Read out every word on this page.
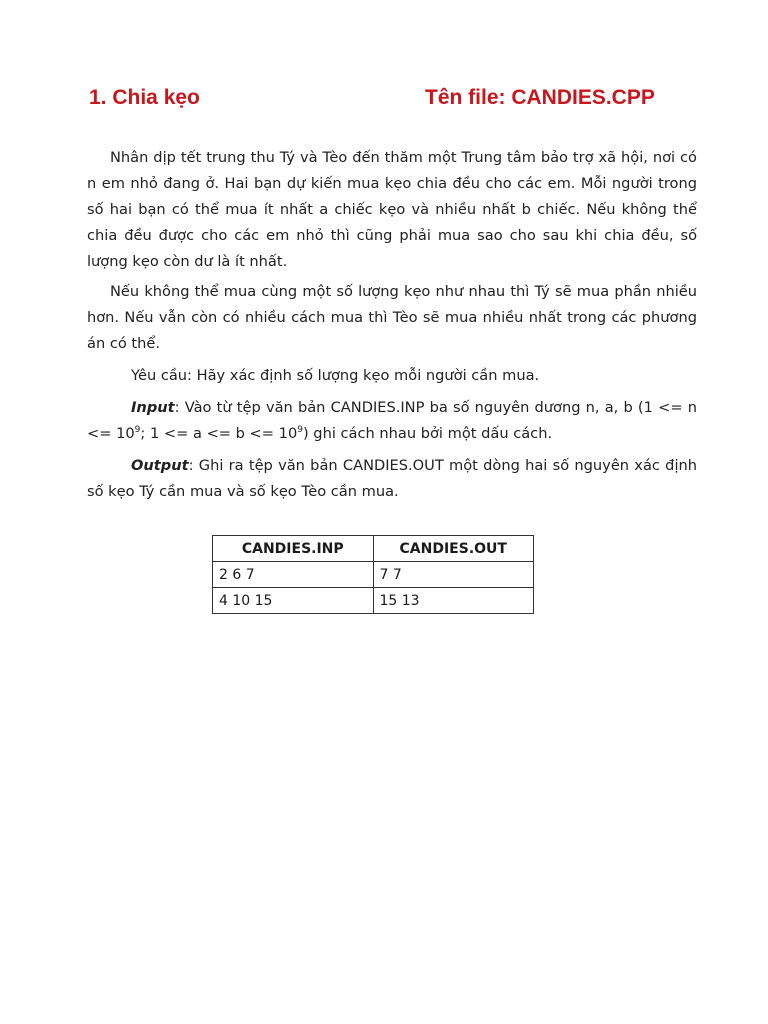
1. Chia kẹo	Tên file: CANDIES.CPP

Nhân dịp tết trung thu Tý và Tèo đến thăm một Trung tâm bảo trợ xã hội, nơi có n em nhỏ đang ở. Hai bạn dự kiến mua kẹo chia đều cho các em. Mỗi người trong số hai bạn có thể mua ít nhất a chiếc kẹo và nhiều nhất b chiếc. Nếu không thể chia đều được cho các em nhỏ thì cũng phải mua sao cho sau khi chia đều, số lượng kẹo còn dư là ít nhất.

Nếu không thể mua cùng một số lượng kẹo như nhau thì Tý sẽ mua phần nhiều hơn. Nếu vẫn còn có nhiều cách mua thì Tèo sẽ mua nhiều nhất trong các phương án có thể.

Yêu cầu: Hãy xác định số lượng kẹo mỗi người cần mua.

Input: Vào từ tệp văn bản CANDIES.INP ba số nguyên dương n, a, b ($1 <= n <= 10^9$; $1 <= a <= b <= 10^9$) ghi cách nhau bởi một dấu cách.

Output: Ghi ra tệp văn bản CANDIES.OUT một dòng hai số nguyên xác định số kẹo Tý cần mua và số kẹo Tèo cần mua.

CANDIES.INP	CANDIES.OUT
2 6 7	7 7
4 10 15	15 13
